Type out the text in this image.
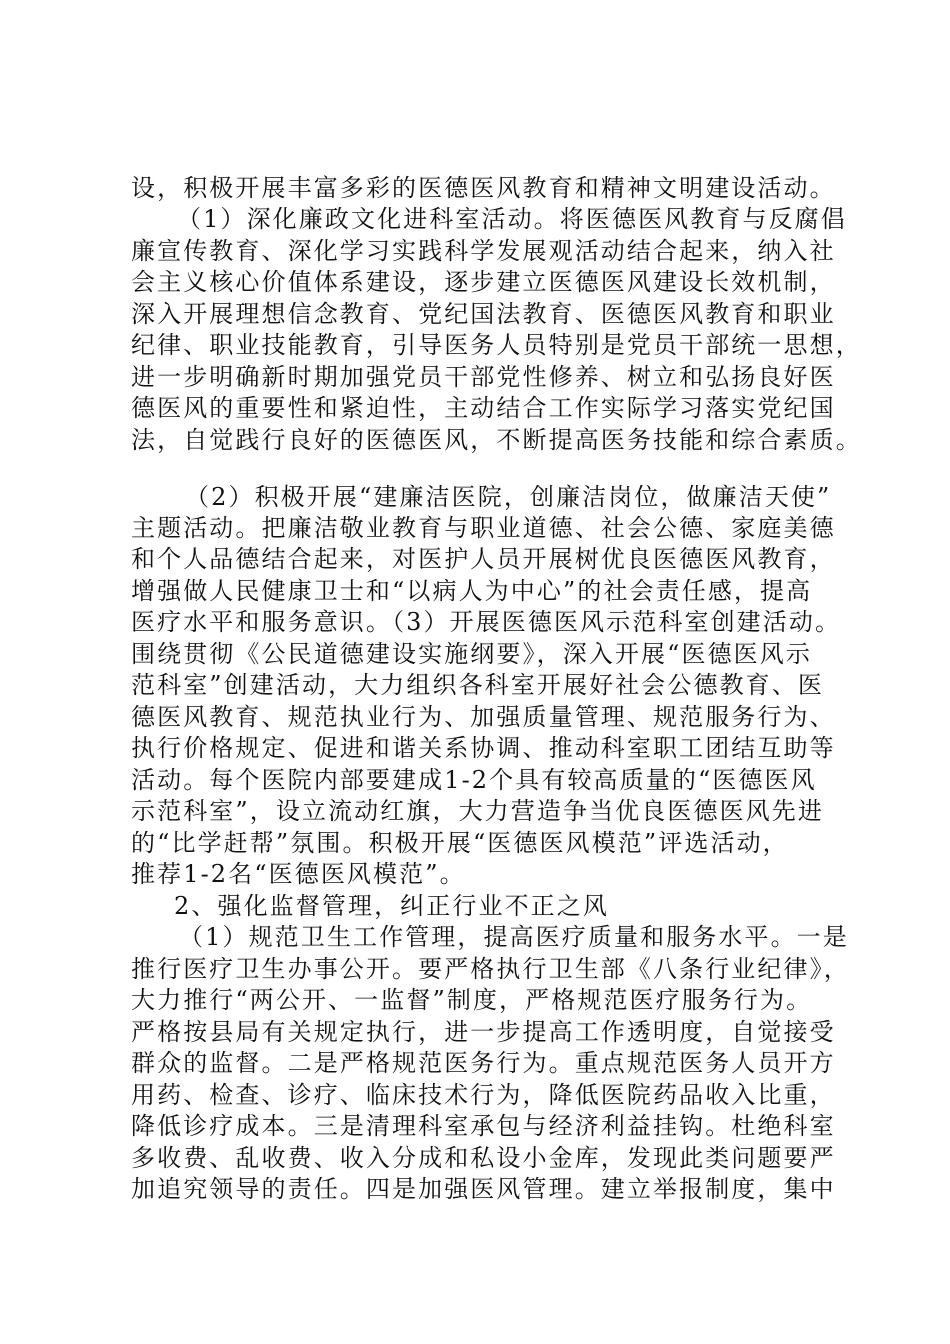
设，积极开展丰富多彩的医德医风教育和精神文明建设活动。
（1）深化廉政文化进科室活动。将医德医风教育与反腐倡
廉宣传教育、深化学习实践科学发展观活动结合起来，纳入社
会主义核心价值体系建设，逐步建立医德医风建设长效机制，
深入开展理想信念教育、党纪国法教育、医德医风教育和职业
纪律、职业技能教育，引导医务人员特别是党员干部统一思想，
进一步明确新时期加强党员干部党性修养、树立和弘扬良好医
德医风的重要性和紧迫性，主动结合工作实际学习落实党纪国
法，自觉践行良好的医德医风，不断提高医务技能和综合素质。
（2）积极开展“建廉洁医院，创廉洁岗位，做廉洁天使”
主题活动。把廉洁敬业教育与职业道德、社会公德、家庭美德
和个人品德结合起来，对医护人员开展树优良医德医风教育，
增强做人民健康卫士和“以病人为中心”的社会责任感，提高
医疗水平和服务意识。（3）开展医德医风示范科室创建活动。
围绕贯彻《公民道德建设实施纲要》，深入开展“医德医风示
范科室”创建活动，大力组织各科室开展好社会公德教育、医
德医风教育、规范执业行为、加强质量管理、规范服务行为、
执行价格规定、促进和谐关系协调、推动科室职工团结互助等
活动。每个医院内部要建成1-2个具有较高质量的“医德医风
示范科室”，设立流动红旗，大力营造争当优良医德医风先进
的“比学赶帮”氛围。积极开展“医德医风模范”评选活动，
推荐1-2名“医德医风模范”。
2、强化监督管理，纠正行业不正之风
（1）规范卫生工作管理，提高医疗质量和服务水平。一是
推行医疗卫生办事公开。要严格执行卫生部《八条行业纪律》，
大力推行“两公开、一监督”制度，严格规范医疗服务行为。
严格按县局有关规定执行，进一步提高工作透明度，自觉接受
群众的监督。二是严格规范医务行为。重点规范医务人员开方
用药、检查、诊疗、临床技术行为，降低医院药品收入比重，
降低诊疗成本。三是清理科室承包与经济利益挂钩。杜绝科室
多收费、乱收费、收入分成和私设小金库，发现此类问题要严
加追究领导的责任。四是加强医风管理。建立举报制度，集中
